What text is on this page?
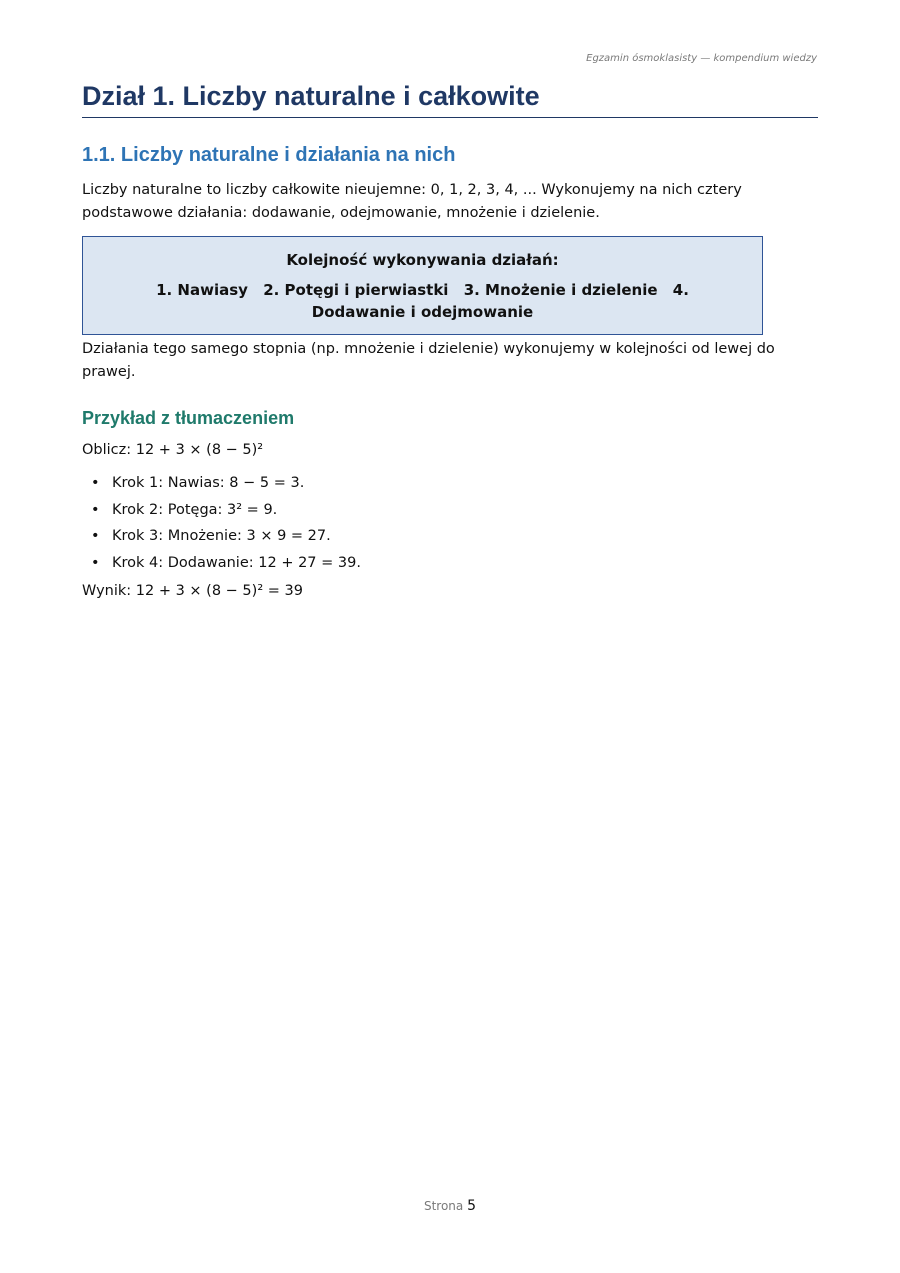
Egzamin ósmoklasisty — kompendium wiedzy
Dział 1. Liczby naturalne i całkowite
1.1. Liczby naturalne i działania na nich

Liczby naturalne to liczby całkowite nieujemne: 0, 1, 2, 3, 4, ... Wykonujemy na nich cztery podstawowe działania: dodawanie, odejmowanie, mnożenie i dzielenie.

Kolejność wykonywania działań:
1. Nawiasy 2. Potęgi i pierwiastki 3. Mnożenie i dzielenie 4. Dodawanie i odejmowanie

Działania tego samego stopnia (np. mnożenie i dzielenie) wykonujemy w kolejności od lewej do prawej.

Przykład z tłumaczeniem

Oblicz: 12 + 3 × (8 − 5)²

• Krok 1: Nawias: 8 − 5 = 3.
• Krok 2: Potęga: 3² = 9.
• Krok 3: Mnożenie: 3 × 9 = 27.
• Krok 4: Dodawanie: 12 + 27 = 39.

Wynik: 12 + 3 × (8 − 5)² = 39

Strona 5
